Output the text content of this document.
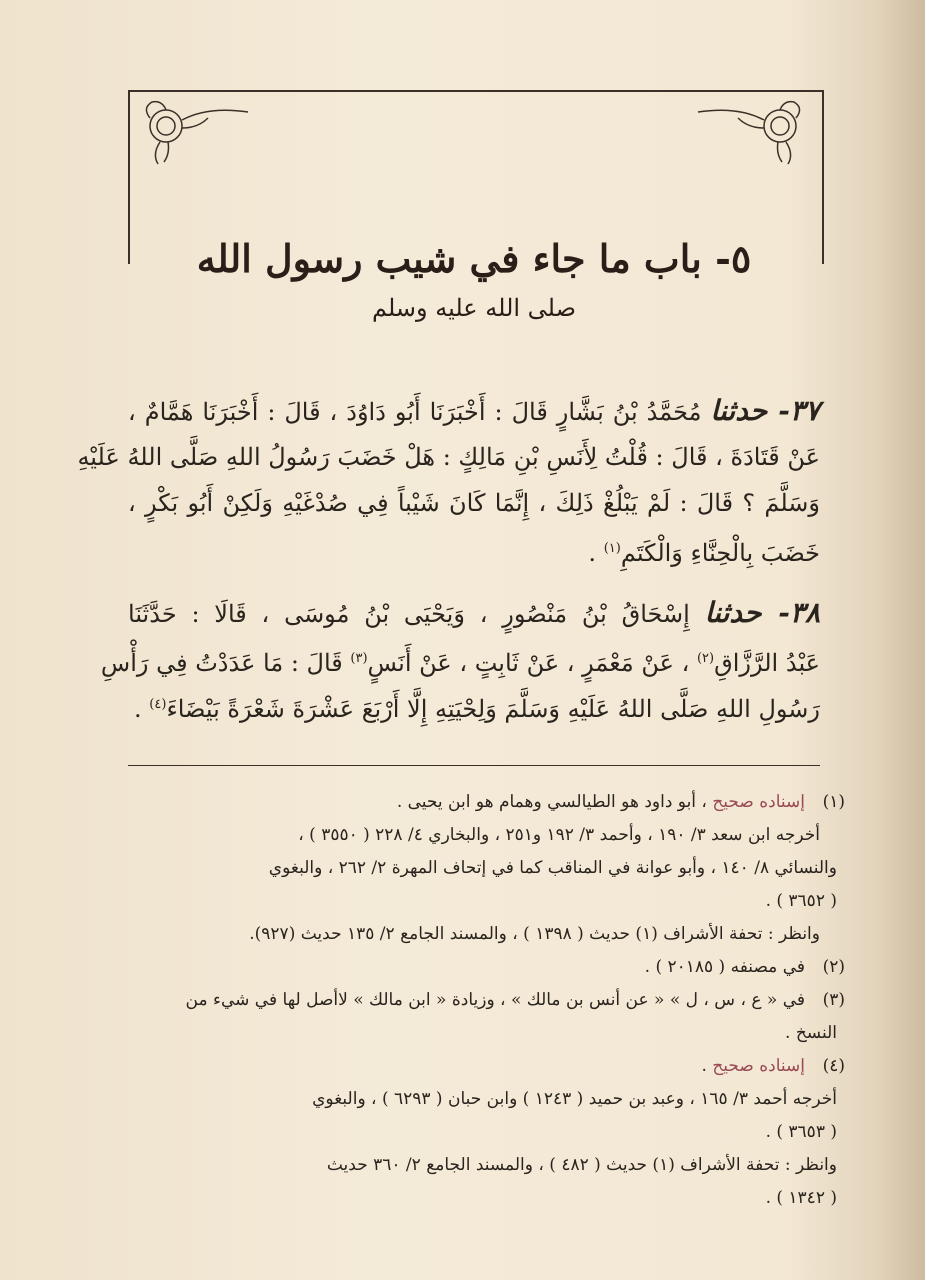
٥- باب ما جاء في شيب رسول الله
صلى الله عليه وسلم
٣٧- حدثنا مُحَمَّدُ بْنُ بَشَّارٍ قَالَ : أَخْبَرَنَا أَبُو دَاوُدَ ، قَالَ : أَخْبَرَنَا هَمَّامٌ ،
عَنْ قَتَادَةَ ، قَالَ : قُلْتُ لِأَنَسِ بْنِ مَالِكٍ : هَلْ خَضَبَ رَسُولُ اللهِ صَلَّى اللهُ عَلَيْهِ
وَسَلَّمَ ؟ قَالَ : لَمْ يَبْلُغْ ذَلِكَ ، إِنَّمَا كَانَ شَيْباً فِي صُدْغَيْهِ وَلَكِنْ أَبُو بَكْرٍ ،
خَضَبَ بِالْحِنَّاءِ وَالْكَتَمِ$^{(١)}$ .
٣٨- حدثنا إِسْحَاقُ بْنُ مَنْصُورٍ ، وَيَحْيَى بْنُ مُوسَى ، قَالَا : حَدَّثَنَا
عَبْدُ الرَّزَّاقِ$^{(٢)}$ ، عَنْ مَعْمَرٍ ، عَنْ ثَابِتٍ ، عَنْ أَنَسٍ$^{(٣)}$ قَالَ : مَا عَدَدْتُ فِي رَأْسِ
رَسُولِ اللهِ صَلَّى اللهُ عَلَيْهِ وَسَلَّمَ وَلِحْيَتِهِ إِلَّا أَرْبَعَ عَشْرَةَ شَعْرَةً بَيْضَاءَ$^{(٤)}$ .
(١)إسناده صحيح ، أبو داود هو الطيالسي وهمام هو ابن يحيى .
أخرجه ابن سعد ٣/ ١٩٠ ، وأحمد ٣/ ١٩٢ و٢٥١ ، والبخاري ٤/ ٢٢٨ ( ٣٥٥٠ ) ،
والنسائي ٨/ ١٤٠ ، وأبو عوانة في المناقب كما في إتحاف المهرة ٢/ ٢٦٢ ، والبغوي
( ٣٦٥٢ ) .
وانظر : تحفة الأشراف (١) حديث ( ١٣٩٨ ) ، والمسند الجامع ٢/ ١٣٥ حديث (٩٢٧).
(٢)في مصنفه ( ٢٠١٨٥ ) .
(٣)في « ع ، س ، ل » « عن أنس بن مالك » ، وزيادة « ابن مالك » لاأصل لها في شيء من
النسخ .
(٤)إسناده صحيح .
أخرجه أحمد ٣/ ١٦٥ ، وعبد بن حميد ( ١٢٤٣ ) وابن حبان ( ٦٢٩٣ ) ، والبغوي
( ٣٦٥٣ ) .
وانظر : تحفة الأشراف (١) حديث ( ٤٨٢ ) ، والمسند الجامع ٢/ ٣٦٠ حديث
( ١٣٤٢ ) .
